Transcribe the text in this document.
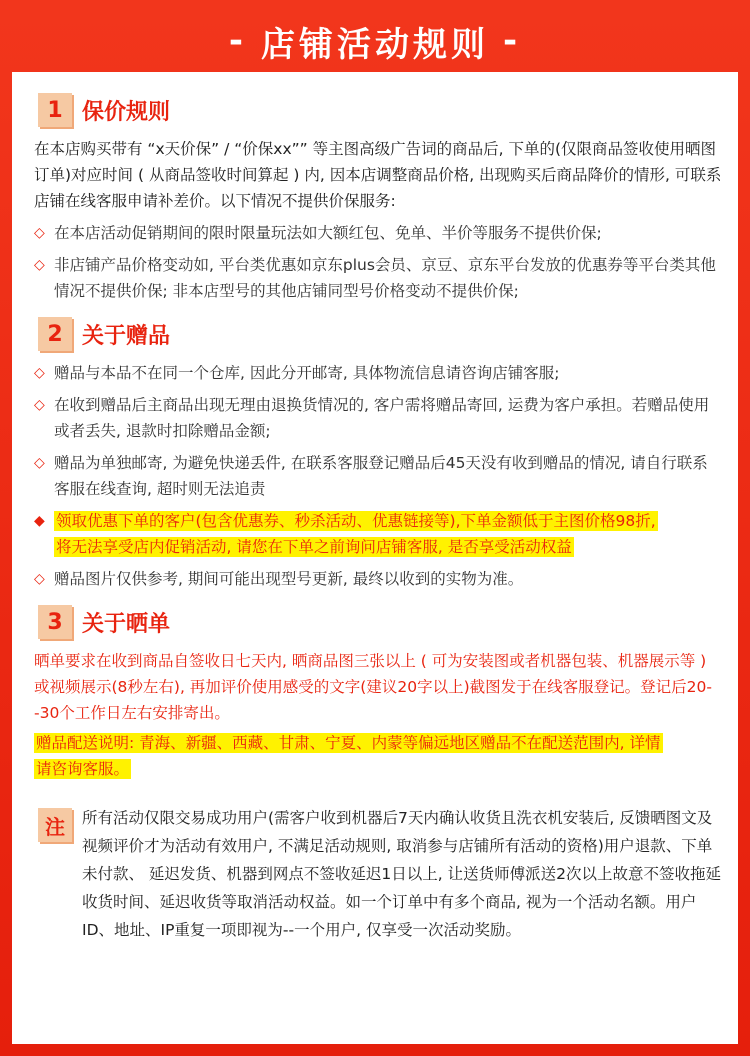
- 店铺活动规则 -
1 保价规则

在本店购买带有 “x天价保” / “价保xx”” 等主图高级广告词的商品后, 下单的(仅限商品签收使用晒图订单)对应时间 ( 从商品签收时间算起 ) 内, 因本店调整商品价格, 出现购买后商品降价的情形, 可联系店铺在线客服申请补差价。以下情况不提供价保服务:

◇ 在本店活动促销期间的限时限量玩法如大额红包、免单、半价等服务不提供价保;
◇ 非店铺产品价格变动如, 平台类优惠如京东plus会员、京豆、京东平台发放的优惠券等平台类其他情况不提供价保; 非本店型号的其他店铺同型号价格变动不提供价保;
2 关于赠品
◇ 赠品与本品不在同一个仓库, 因此分开邮寄, 具体物流信息请咨询店铺客服;
◇ 在收到赠品后主商品出现无理由退换货情况的, 客户需将赠品寄回, 运费为客户承担。若赠品使用或者丢失, 退款时扣除赠品金额;
◇ 赠品为单独邮寄, 为避免快递丢件, 在联系客服登记赠品后45天没有收到赠品的情况, 请自行联系客服在线查询, 超时则无法追责
◆ 领取优惠下单的客户(包含优惠券、秒杀活动、优惠链接等),下单金额低于主图价格98折,
将无法享受店内促销活动, 请您在下单之前询问店铺客服, 是否享受活动权益
◇ 赠品图片仅供参考, 期间可能出现型号更新, 最终以收到的实物为准。
3 关于晒单

晒单要求在收到商品自签收日七天内, 晒商品图三张以上 ( 可为安装图或者机器包装、机器展示等 ) 或视频展示(8秒左右), 再加评价使用感受的文字(建议20字以上)截图发于在线客服登记。登记后20--30个工作日左右安排寄出。

赠品配送说明: 青海、新疆、西藏、甘肃、宁夏、内蒙等偏远地区赠品不在配送范围内, 详情
请咨询客服。

注	所有活动仅限交易成功用户(需客户收到机器后7天内确认收货且洗衣机安装后, 反馈晒图文及视频评价才为活动有效用户, 不满足活动规则, 取消参与店铺所有活动的资格)用户退款、下单未付款、 延迟发货、机器到网点不签收延迟1日以上, 让送货师傅派送2次以上故意不签收拖延收货时间、延迟收货等取消活动权益。如一个订单中有多个商品, 视为一个活动名额。用户ID、地址、IP重复一项即视为--一个用户, 仅享受一次活动奖励。
